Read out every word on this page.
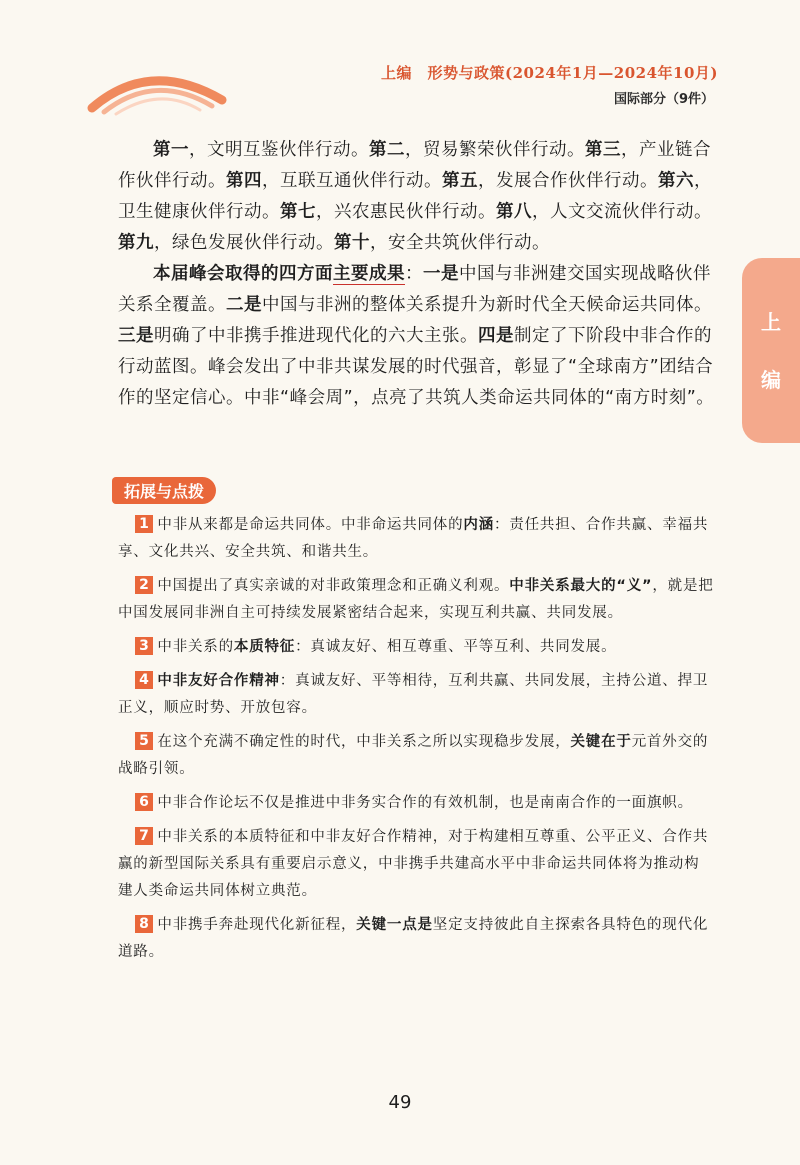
上编　形势与政策(2024年1月—2024年10月)
国际部分（9件）
上
编

第一，文明互鉴伙伴行动。第二，贸易繁荣伙伴行动。第三，产业链合作伙伴行动。第四，互联互通伙伴行动。第五，发展合作伙伴行动。第六，卫生健康伙伴行动。第七，兴农惠民伙伴行动。第八，人文交流伙伴行动。第九，绿色发展伙伴行动。第十，安全共筑伙伴行动。

本届峰会取得的四方面主要成果：一是中国与非洲建交国实现战略伙伴关系全覆盖。二是中国与非洲的整体关系提升为新时代全天候命运共同体。三是明确了中非携手推进现代化的六大主张。四是制定了下阶段中非合作的行动蓝图。峰会发出了中非共谋发展的时代强音，彰显了“全球南方”团结合作的坚定信心。中非“峰会周”，点亮了共筑人类命运共同体的“南方时刻”。

拓展与点拨

1 中非从来都是命运共同体。中非命运共同体的内涵：责任共担、合作共赢、幸福共享、文化共兴、安全共筑、和谐共生。

2 中国提出了真实亲诚的对非政策理念和正确义利观。中非关系最大的“义”，就是把中国发展同非洲自主可持续发展紧密结合起来，实现互利共赢、共同发展。

3 中非关系的本质特征：真诚友好、相互尊重、平等互利、共同发展。

4 中非友好合作精神：真诚友好、平等相待，互利共赢、共同发展，主持公道、捍卫正义，顺应时势、开放包容。

5 在这个充满不确定性的时代，中非关系之所以实现稳步发展，关键在于元首外交的战略引领。

6 中非合作论坛不仅是推进中非务实合作的有效机制，也是南南合作的一面旗帜。

7 中非关系的本质特征和中非友好合作精神，对于构建相互尊重、公平正义、合作共赢的新型国际关系具有重要启示意义，中非携手共建高水平中非命运共同体将为推动构建人类命运共同体树立典范。

8 中非携手奔赴现代化新征程，关键一点是坚定支持彼此自主探索各具特色的现代化道路。

49
